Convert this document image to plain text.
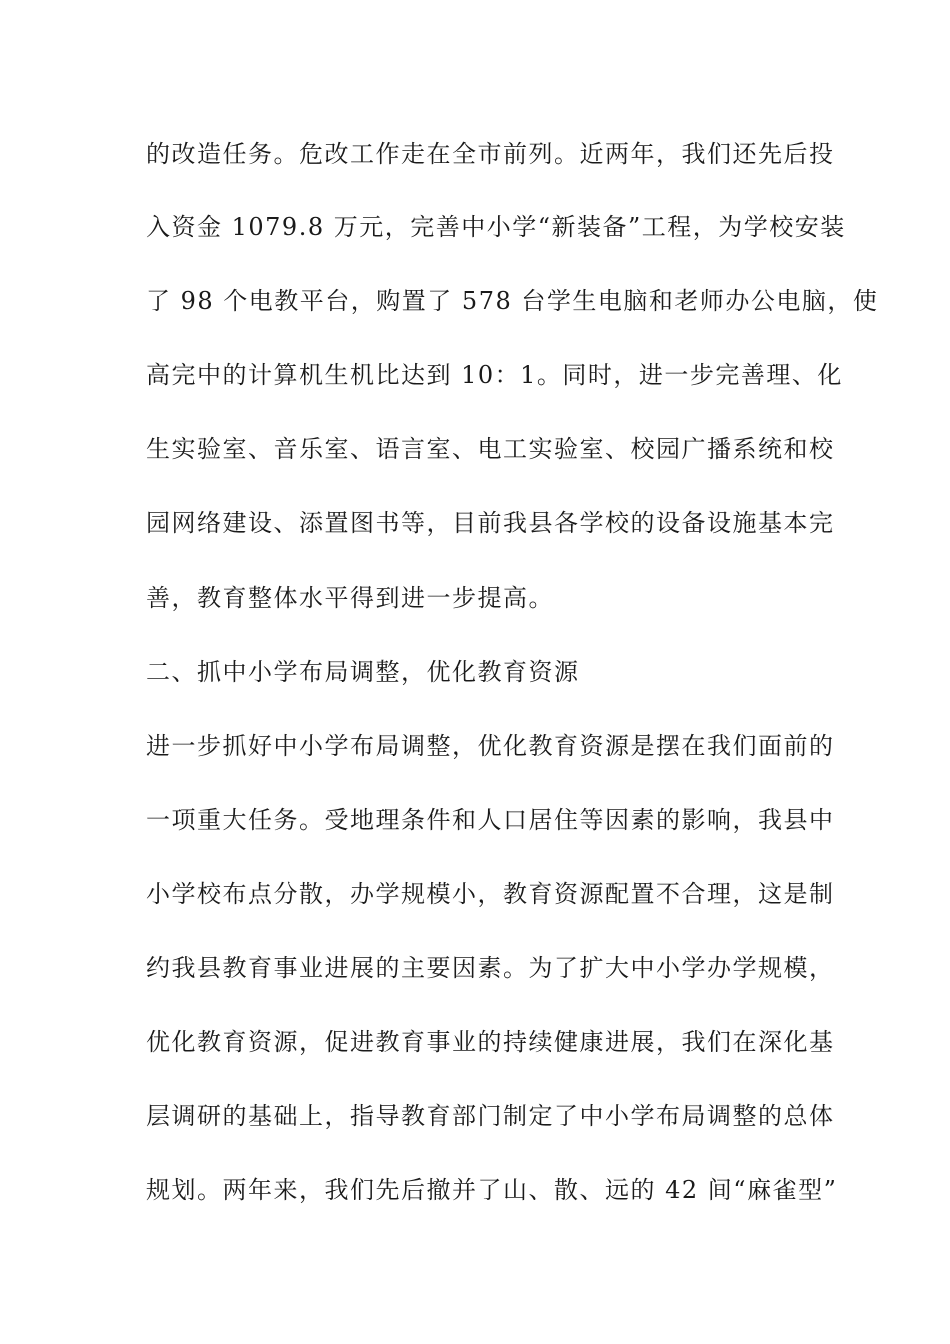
的改造任务。危改工作走在全市前列。近两年，我们还先后投

入资金 1079.8 万元，完善中小学“新装备”工程，为学校安装

了 98 个电教平台，购置了 578 台学生电脑和老师办公电脑，使

高完中的计算机生机比达到 10：1。同时，进一步完善理、化

生实验室、音乐室、语言室、电工实验室、校园广播系统和校

园网络建设、添置图书等，目前我县各学校的设备设施基本完

善，教育整体水平得到进一步提高。

二、抓中小学布局调整，优化教育资源

进一步抓好中小学布局调整，优化教育资源是摆在我们面前的

一项重大任务。受地理条件和人口居住等因素的影响，我县中

小学校布点分散，办学规模小，教育资源配置不合理，这是制

约我县教育事业进展的主要因素。为了扩大中小学办学规模，

优化教育资源，促进教育事业的持续健康进展，我们在深化基

层调研的基础上，指导教育部门制定了中小学布局调整的总体

规划。两年来，我们先后撤并了山、散、远的 42 间“麻雀型”
